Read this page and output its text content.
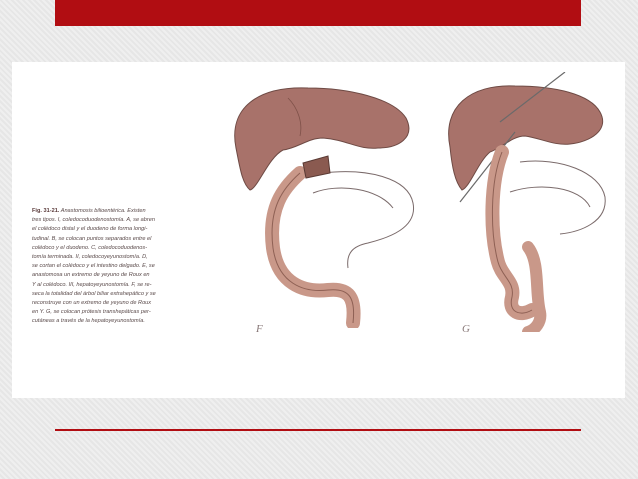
Fig. 31-21. Anastomosis bilioentérica. Existen
tres tipos. I, coledocoduodenostomía. A, se abren
el colédoco distal y el duodeno de forma longi-
tudinal. B, se colocan puntos separados entre el
colédoco y el duodeno. C, coledocoduodenos-
tomía terminada. II, coledocoyeyunostomía. D,
se cortan el colédoco y el intestino delgado. E, se
anastomosa un extremo de yeyuno de Roux en
Y al colédoco. III, hepatoyeyunostomía. F, se re-
seca la totalidad del árbol biliar extrahepático y se
reconstruye con un extremo de yeyuno de Roux
en Y. G, se colocan prótesis transhepáticas per-
cutáneas a través de la hepatoyeyunostomía.
F	G
